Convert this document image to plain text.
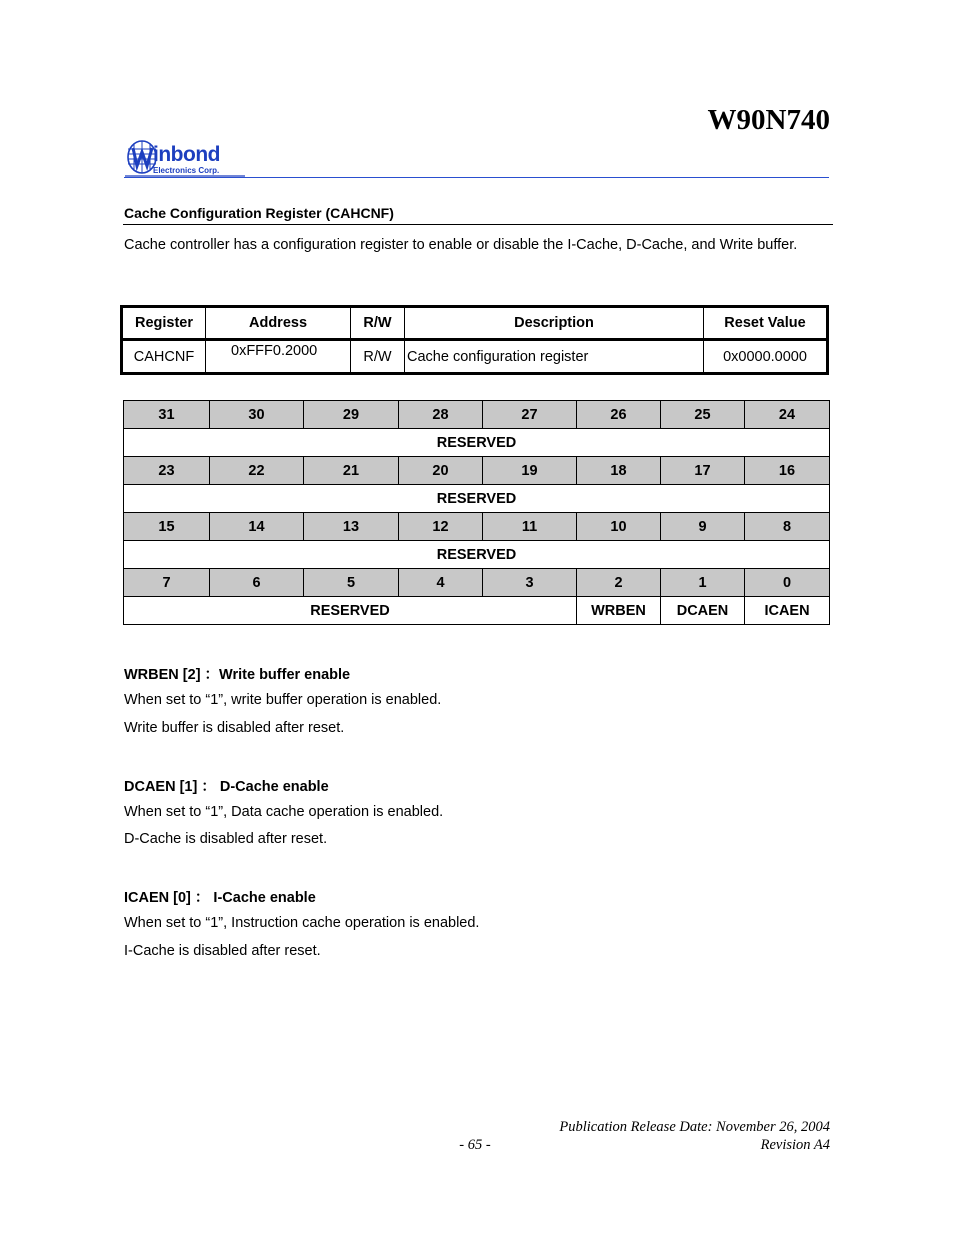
W90N740
inbond
Electronics Corp.
Cache Configuration Register (CAHCNF)
Cache controller has a configuration register to enable or disable the I-Cache, D-Cache, and Write buffer.
Register	Address	R/W	Description	Reset Value
CAHCNF	0xFFF0.2000	R/W	Cache configuration register	0x0000.0000
31	30	29	28	27	26	25	24
RESERVED							
23	22	21	20	19	18	17	16
RESERVED							
15	14	13	12	11	10	9	8
RESERVED							
7	6	5	4	3	2	1	0
RESERVED					WRBEN	DCAEN	ICAEN
WRBEN [2] ：Write buffer enable
When set to “1”, write buffer operation is enabled.
Write buffer is disabled after reset.
DCAEN [1] ： D-Cache enable
When set to “1”, Data cache operation is enabled.
D-Cache is disabled after reset.
ICAEN [0] ： I-Cache enable
When set to “1”, Instruction cache operation is enabled.
I-Cache is disabled after reset.
Publication Release Date: November 26, 2004
- 65 -	Revision A4
